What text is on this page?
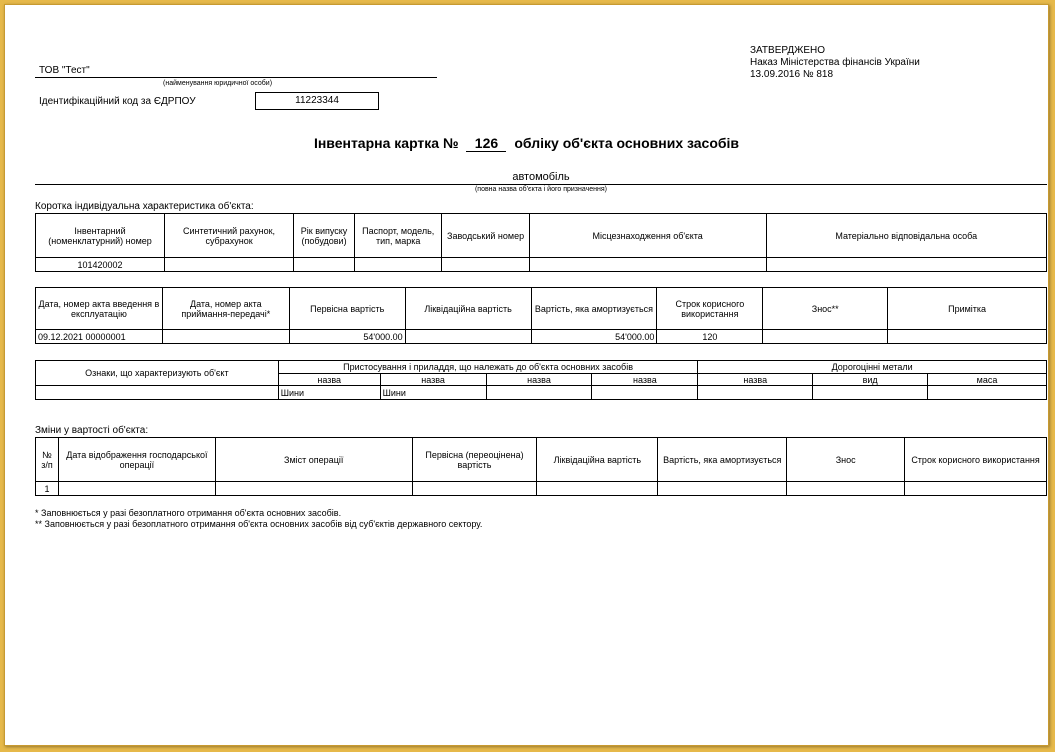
ЗАТВЕРДЖЕНО
Наказ Міністерства фінансів України
13.09.2016 № 818
ТОВ "Тест"
(найменування юридичної особи)
Ідентифікаційний код за ЄДРПОУ	11223344
Інвентарна картка № 126 обліку об'єкта основних засобів
автомобіль
(повна назва об'єкта і його призначення)
Коротка індивідуальна характеристика об'єкта:
Інвентарний (номенклатурний) номер	Синтетичний рахунок, субрахунок	Рік випуску (побудови)	Паспорт, модель, тип, марка	Заводський номер	Місцезнаходження об'єкта	Матеріально відповідальна особа
101420002						
Дата, номер акта введення в експлуатацію	Дата, номер акта приймання-передачі*	Первісна вартість	Ліквідаційна вартість	Вартість, яка амортизується	Строк корисного використання	Знос**	Примітка
09.12.2021 00000001		54'000.00		54'000.00	120		
Ознаки, що характеризують об'єкт	Пристосування і приладдя, що належать до об'єкта основних засобів				Дорогоцінні метали		
	назва	назва	назва	назва	назва	вид	маса
	Шини	Шини					
Зміни у вартості об'єкта:
№ з/п	Дата відображення господарської операції	Зміст операції	Первісна (переоцінена) вартість	Ліквідаційна вартість	Вартість, яка амортизується	Знос	Строк корисного використання
1							
* Заповнюється у разі безоплатного отримання об'єкта основних засобів.
** Заповнюється у разі безоплатного отримання об'єкта основних засобів від суб'єктів державного сектору.
